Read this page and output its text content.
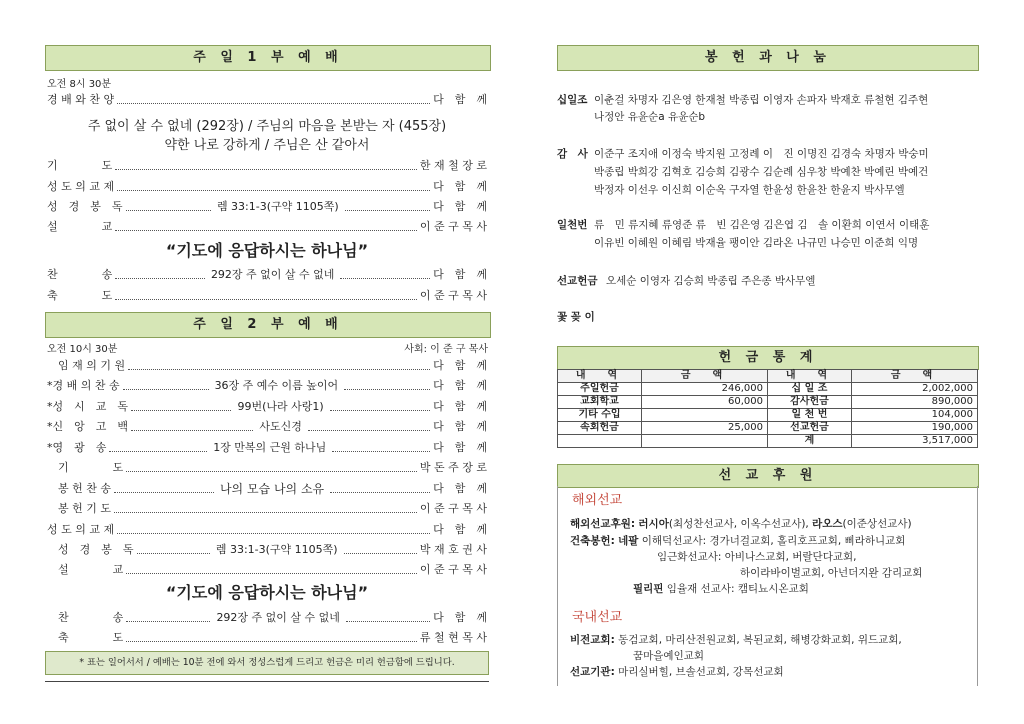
주 일 1 부 예 배
오전 8시 30분
경 배 와 찬 양	다　함　께
주 없이 살 수 없네 (292장) / 주님의 마음을 본받는 자 (455장)
약한 나로 강하게 / 주님은 산 같아서
기　　　　도	한 재 철 장 로
성 도 의 교 제	다　함　께
성　경　봉　독	렘 33:1-3(구약 1105쪽)	다　함　께
설　　　　교	이 준 구 목 사
“기도에 응답하시는 하나님”
찬　　　　송	292장 주 없이 살 수 없네	다　함　께
축　　　　도	이 준 구 목 사
주 일 2 부 예 배
오전 10시 30분	사회: 이 준 구 목사
　임 재 의 기 원	다　함　께
*경 배 의 찬 송	36장 주 예수 이름 높이어	다　함　께
*성　시　교　독	99번(나라 사랑1)	다　함　께
*신　앙　고　백	사도신경	다　함　께
*영　광　송	1장 만복의 근원 하나님	다　함　께
　기　　　　도	박 돈 주 장 로
　봉 헌 찬 송	나의 모습 나의 소유	다　함　께
　봉 헌 기 도	이 준 구 목 사
성 도 의 교 제	다　함　께
　성　경　봉　독	렘 33:1-3(구약 1105쪽)	박 재 호 권 사
　설　　　　교	이 준 구 목 사
“기도에 응답하시는 하나님”
　찬　　　　송	292장 주 없이 살 수 없네	다　함　께
　축　　　　도	류 철 현 목 사
* 표는 일어서서 / 예배는 10분 전에 와서 정성스럽게 드리고 헌금은 미리 헌금함에 드립니다.
봉 헌 과 나 눔
십일조 이춘걸 차명자 김은영 한재철 박종립 이영자 손파자 박재호 류철현 김주현
나정안 유윤순a 유윤순b
감　사 이준구 조지애 이정숙 박지원 고정례 이　진 이명진 김경숙 차명자 박숭미
박종립 박희강 김혁호 김승희 김광수 김순례 심우창 박예찬 박예린 박예건
박정자 이선우 이신희 이순옥 구자열 한윤성 한윤찬 한윤지 박사무엘
일천번 류　민 류지혜 류영준 류　빈 김은영 김은엽 김　솔 이환희 이연서 이태훈
이유빈 이혜원 이혜림 박재율 팽이안 김라온 나규민 나승민 이준희 익명
선교헌금 오세순 이영자 김승희 박종립 주은종 박사무엘
꽃 꽂 이
헌 금 통 계
내　역	금　액	내　역	금　액
주일헌금	246,000	십 일 조	2,002,000
교회학교	60,000	감사헌금	890,000
기타 수입		일 천 번	104,000
속회헌금	25,000	선교헌금	190,000
		계	3,517,000
선 교 후 원
해외선교
해외선교후원: 러시아(최성찬선교사, 이옥수선교사), 라오스(이준상선교사)
건축봉헌: 네팔 이해덕선교사: 경가너걸교회, 홀리호프교회, 삐라하니교회
임근화선교사: 아비나스교회, 버랄단다교회,
하이라바이벌교회, 아넌더지완 감리교회
필리핀 임율재 선교사: 캠티뇨시온교회
국내선교
비전교회: 동검교회, 마리산전원교회, 복된교회, 해병강화교회, 위드교회,
꿈마을예인교회
선교기관: 마리실버힐, 브솔선교회, 강목선교회
